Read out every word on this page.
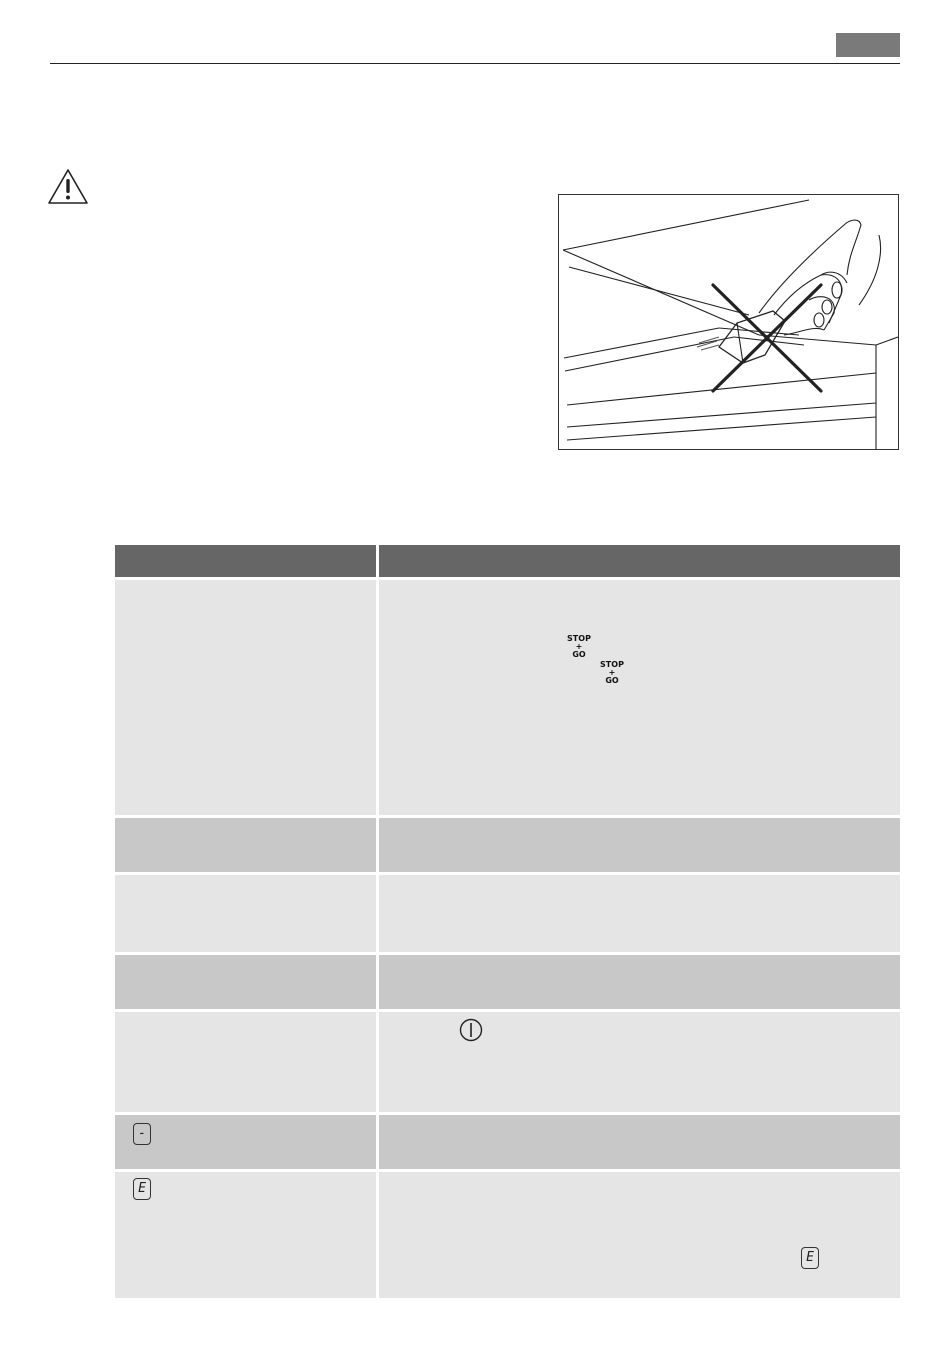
STOP
+
GO
STOP
+
GO
-
E
E
